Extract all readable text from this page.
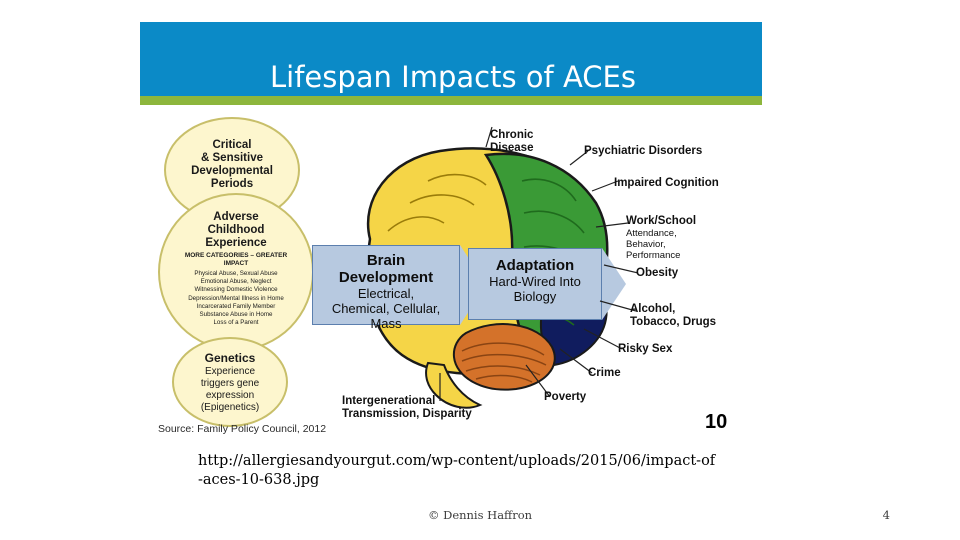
Lifespan Impacts of ACEs
Critical
& Sensitive
Developmental
Periods
Adverse
Childhood
Experience
MORE CATEGORIES – GREATER IMPACT
Physical Abuse, Sexual Abuse
Emotional Abuse, Neglect
Witnessing Domestic Violence
Depression/Mental Illness in Home
Incarcerated Family Member
Substance Abuse in Home
Loss of a Parent
Genetics
Experience
triggers gene
expression
(Epigenetics)
Brain
Development
Electrical,
Chemical, Cellular,
Mass
Adaptation
Hard-Wired Into
Biology
Chronic
Disease	Psychiatric Disorders
Impaired Cognition
Work/School
Attendance,
Behavior,
Performance
Obesity
Alcohol,
Tobacco, Drugs
Risky Sex
Crime
Poverty
Intergenerational
Transmission, Disparity
Source: Family Policy Council, 2012	10
http://allergiesandyourgut.com/wp-content/uploads/2015/06/impact-of
-aces-10-638.jpg
© Dennis Haffron	4
